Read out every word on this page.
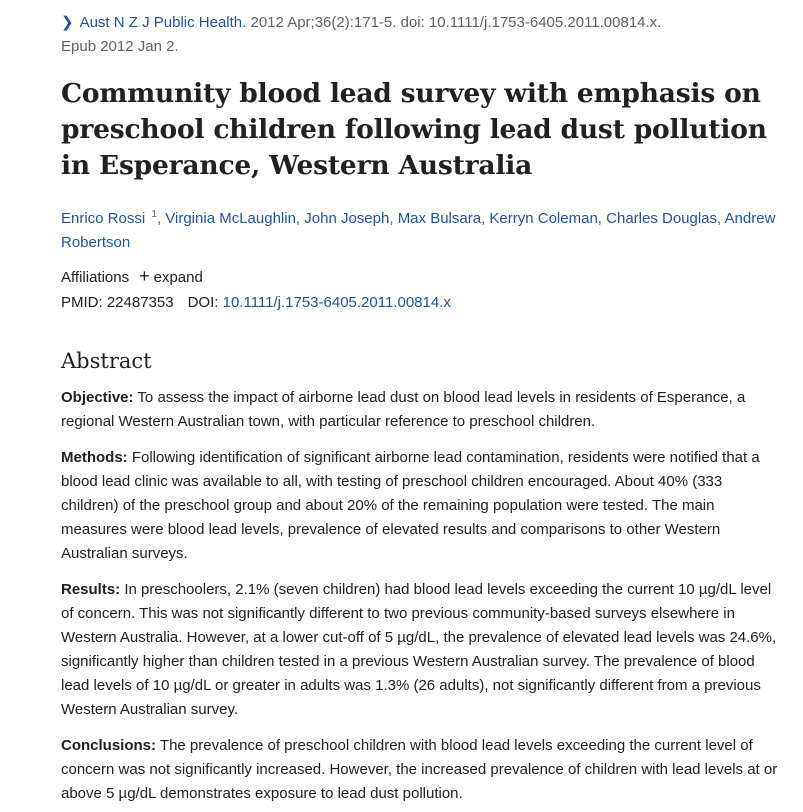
❯ Aust N Z J Public Health. 2012 Apr;36(2):171-5. doi: 10.1111/j.1753-6405.2011.00814.x.
Epub 2012 Jan 2.
Community blood lead survey with emphasis on preschool children following lead dust pollution in Esperance, Western Australia
Enrico Rossi $^1$, Virginia McLaughlin, John Joseph, Max Bulsara, Kerryn Coleman, Charles Douglas, Andrew Robertson
Affiliations + expand
PMID: 22487353 DOI: 10.1111/j.1753-6405.2011.00814.x
Abstract

Objective: To assess the impact of airborne lead dust on blood lead levels in residents of Esperance, a regional Western Australian town, with particular reference to preschool children.

Methods: Following identification of significant airborne lead contamination, residents were notified that a blood lead clinic was available to all, with testing of preschool children encouraged. About 40% (333 children) of the preschool group and about 20% of the remaining population were tested. The main measures were blood lead levels, prevalence of elevated results and comparisons to other Western Australian surveys.

Results: In preschoolers, 2.1% (seven children) had blood lead levels exceeding the current 10 µg/dL level of concern. This was not significantly different to two previous community-based surveys elsewhere in Western Australia. However, at a lower cut-off of 5 µg/dL, the prevalence of elevated lead levels was 24.6%, significantly higher than children tested in a previous Western Australian survey. The prevalence of blood lead levels of 10 µg/dL or greater in adults was 1.3% (26 adults), not significantly different from a previous Western Australian survey.

Conclusions: The prevalence of preschool children with blood lead levels exceeding the current level of concern was not significantly increased. However, the increased prevalence of children with lead levels at or above 5 µg/dL demonstrates exposure to lead dust pollution.
